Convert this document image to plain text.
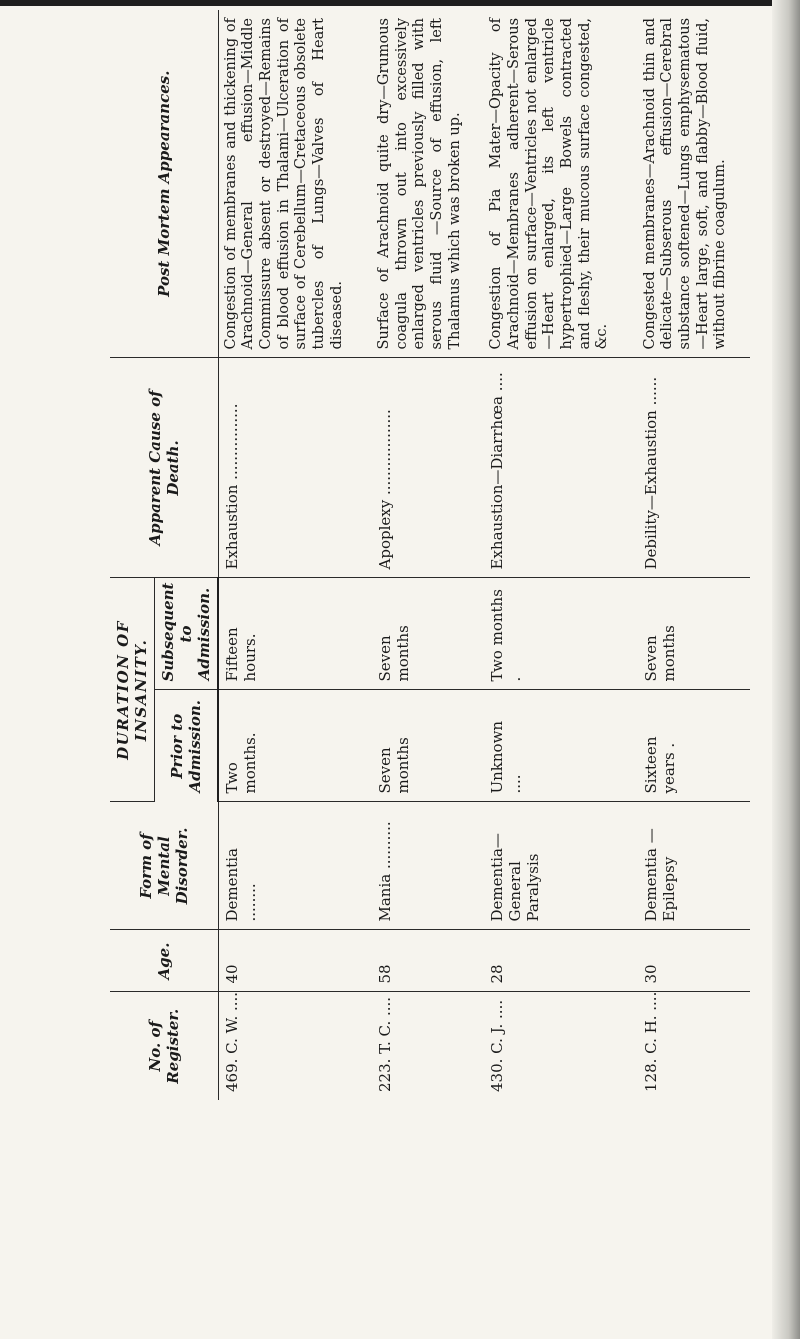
No. of Register.	Age.	Form of Mental Disorder.	DURATION OF INSANITY.		Apparent Cause of Death.	Post Mortem Appearances.
			Prior to Admission.	Subsequent to Admission.		
469. C. W. ....	40	Dementia ........	Two months.	Fifteen hours.	Exhaustion ................	Congestion of membranes and thickening of Arachnoid—General effusion—Middle Commissure absent or destroyed—Remains of blood effusion in Thalami—Ulceration of surface of Cerebellum—Cretaceous obsolete tubercles of Lungs—Valves of Heart diseased.
223. T. C. ....	58	Mania ..........	Seven months	Seven months	Apoplexy ..................	Surface of Arachnoid quite dry—Grumous coagula thrown out into excessively enlarged ventricles previously filled with serous fluid —Source of effusion, left Thalamus which was broken up.
430. C. J. ....	28	Dementia—General Paralysis	Unknown ....	Two months .	Exhaustion—Diarrhœa ....	Congestion of Pia Mater—Opacity of Arachnoid—Membranes adherent—Serous effusion on surface—Ventricles not enlarged—Heart enlarged, its left ventricle hypertrophied—Large Bowels contracted and fleshy, their mucous surface congested, &c.
128. C. H. ....	30	Dementia — Epilepsy	Sixteen years .	Seven months	Debility—Exhaustion ......	Congested membranes—Arachnoid thin and delicate—Subserous effusion—Cerebral substance softened—Lungs emphysematous—Heart large, soft, and flabby—Blood fluid, without fibrine coagulum.
